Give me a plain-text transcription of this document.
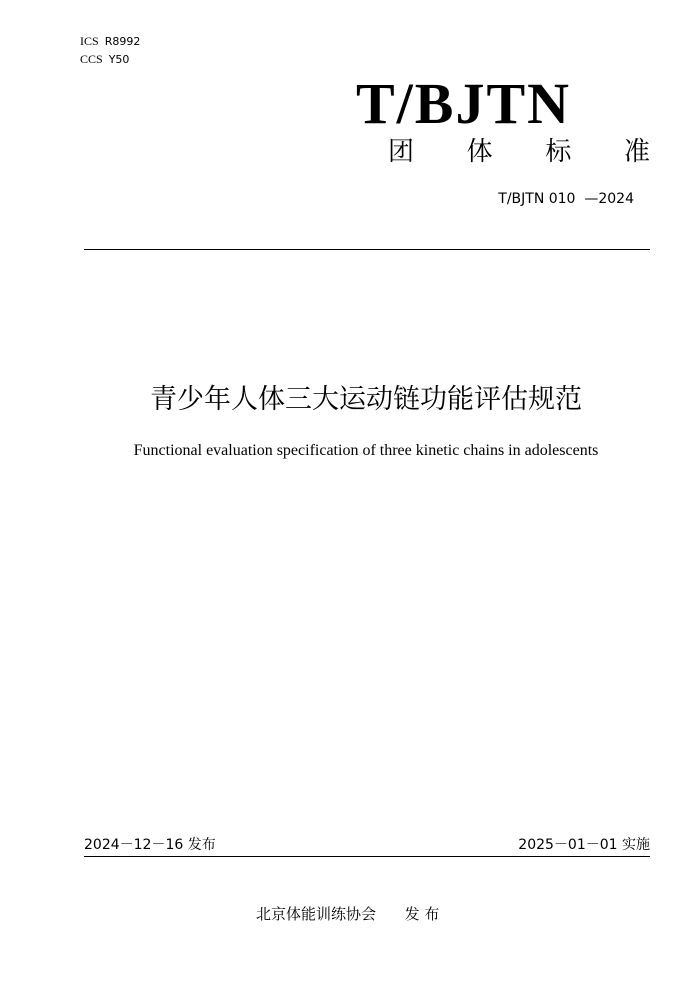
ICS R8992
CCS Y50
T/BJTN
团 体 标 准
T/BJTN 010  —2024
青少年人体三大运动链功能评估规范
Functional evaluation specification of three kinetic chains in adolescents
2024－12－16 发布	2025－01－01 实施
北京体能训练协会      发 布
